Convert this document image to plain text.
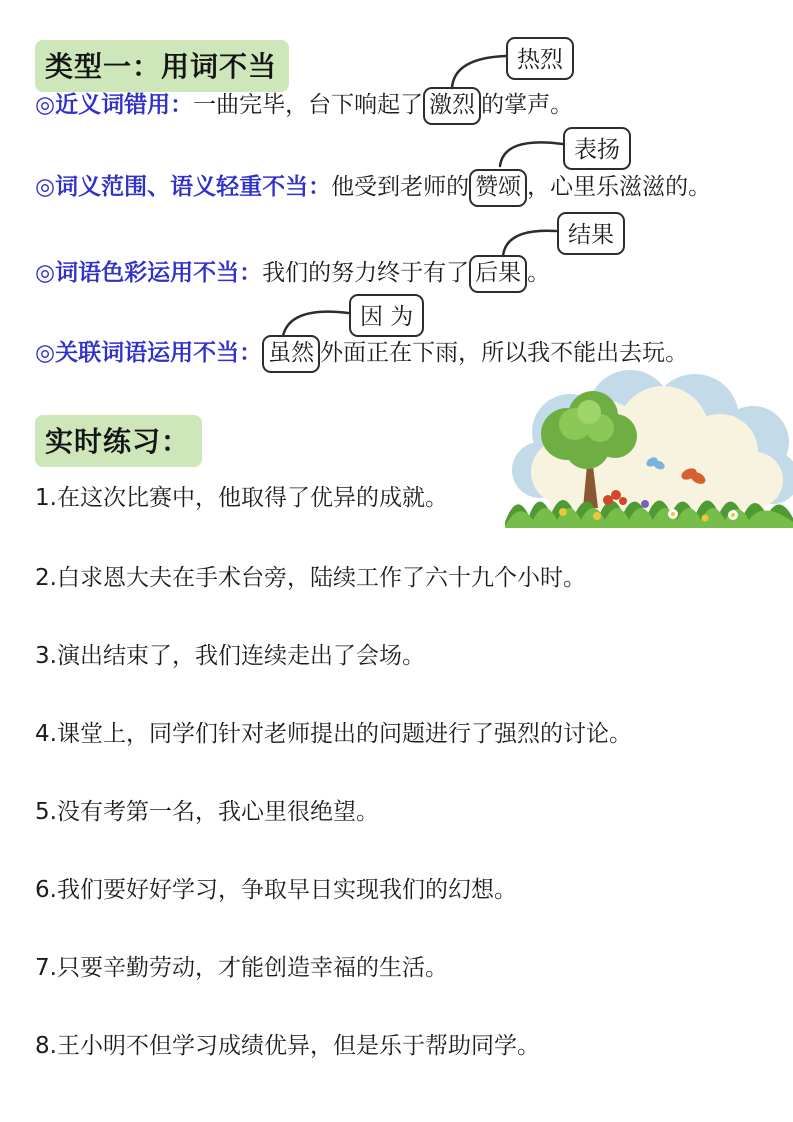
类型一：用词不当
◎近义词错用：一曲完毕，台下响起了 激烈 的掌声。
热烈
◎词义范围、语义轻重不当：他受到老师的 赞颂 ，心里乐滋滋的。
表扬
◎词语色彩运用不当：我们的努力终于有了 后果 。
结果
◎关联词语运用不当： 虽然 外面正在下雨，所以我不能出去玩。
因 为
实时练习：
1.在这次比赛中，他取得了优异的成就。
2.白求恩大夫在手术台旁，陆续工作了六十九个小时。
3.演出结束了，我们连续走出了会场。
4.课堂上，同学们针对老师提出的问题进行了强烈的讨论。
5.没有考第一名，我心里很绝望。
6.我们要好好学习，争取早日实现我们的幻想。
7.只要辛勤劳动，才能创造幸福的生活。
8.王小明不但学习成绩优异，但是乐于帮助同学。
